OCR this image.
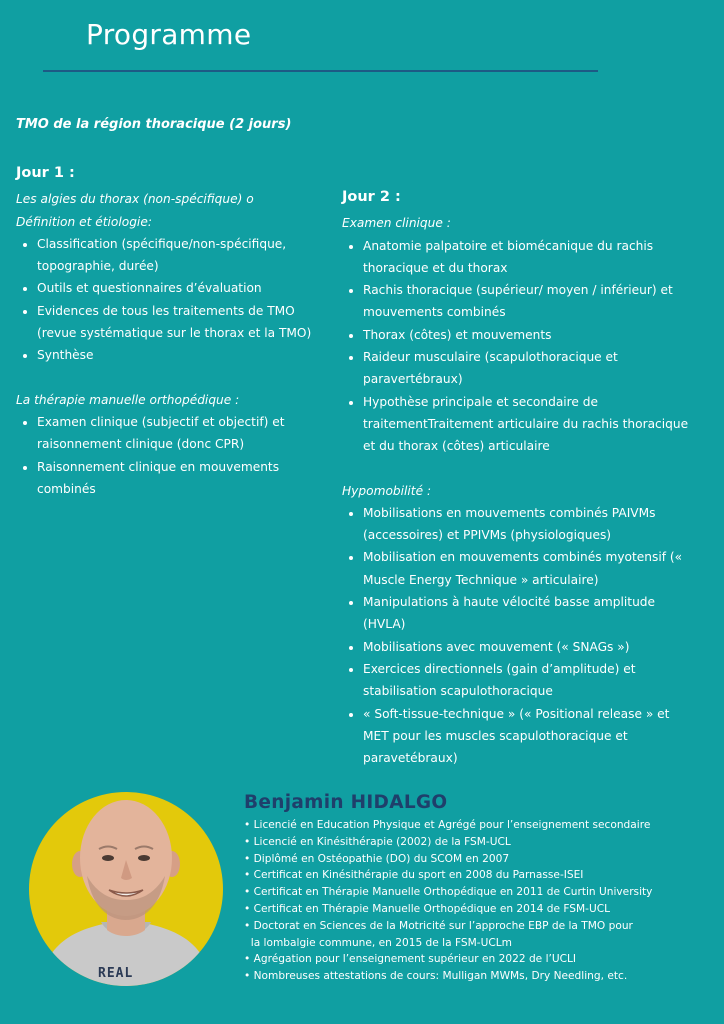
Programme
TMO de la région thoracique (2 jours)
Jour 1 :
Les algies du thorax (non-spécifique) o Définition et étiologie:
• Classification (spécifique/non-spécifique, topographie, durée)
• Outils et questionnaires d’évaluation
• Evidences de tous les traitements de TMO (revue systématique sur le thorax et la TMO)
• Synthèse
La thérapie manuelle orthopédique :
• Examen clinique (subjectif et objectif) et raisonnement clinique (donc CPR)
• Raisonnement clinique en mouvements combinés
Jour 2 :
Examen clinique :
• Anatomie palpatoire et biomécanique du rachis thoracique et du thorax
• Rachis thoracique (supérieur/ moyen / inférieur) et mouvements combinés
• Thorax (côtes) et mouvements
• Raideur musculaire (scapulothoracique et paravertébraux)
• Hypothèse principale et secondaire de traitementTraitement articulaire du rachis thoracique et du thorax (côtes) articulaire
Hypomobilité :
• Mobilisations en mouvements combinés PAIVMs (accessoires) et PPIVMs (physiologiques)
• Mobilisation en mouvements combinés myotensif (« Muscle Energy Technique » articulaire)
• Manipulations à haute vélocité basse amplitude (HVLA)
• Mobilisations avec mouvement (« SNAGs »)
• Exercices directionnels (gain d’amplitude) et stabilisation scapulothoracique
• « Soft-tissue-technique » (« Positional release » et MET pour les muscles scapulothoracique et paravetébraux)
REAL
Benjamin HIDALGO
• Licencié en Education Physique et Agrégé pour l’enseignement secondaire
• Licencié en Kinésithérapie (2002) de la FSM-UCL
• Diplômé en Ostéopathie (DO) du SCOM en 2007
• Certificat en Kinésithérapie du sport en 2008 du Parnasse-ISEI
• Certificat en Thérapie Manuelle Orthopédique en 2011 de Curtin University
• Certificat en Thérapie Manuelle Orthopédique en 2014 de FSM-UCL
• Doctorat en Sciences de la Motricité sur l’approche EBP de la TMO pour
la lombalgie commune, en 2015 de la FSM-UCLm
• Agrégation pour l’enseignement supérieur en 2022 de l’UCLI
• Nombreuses attestations de cours: Mulligan MWMs, Dry Needling, etc.
